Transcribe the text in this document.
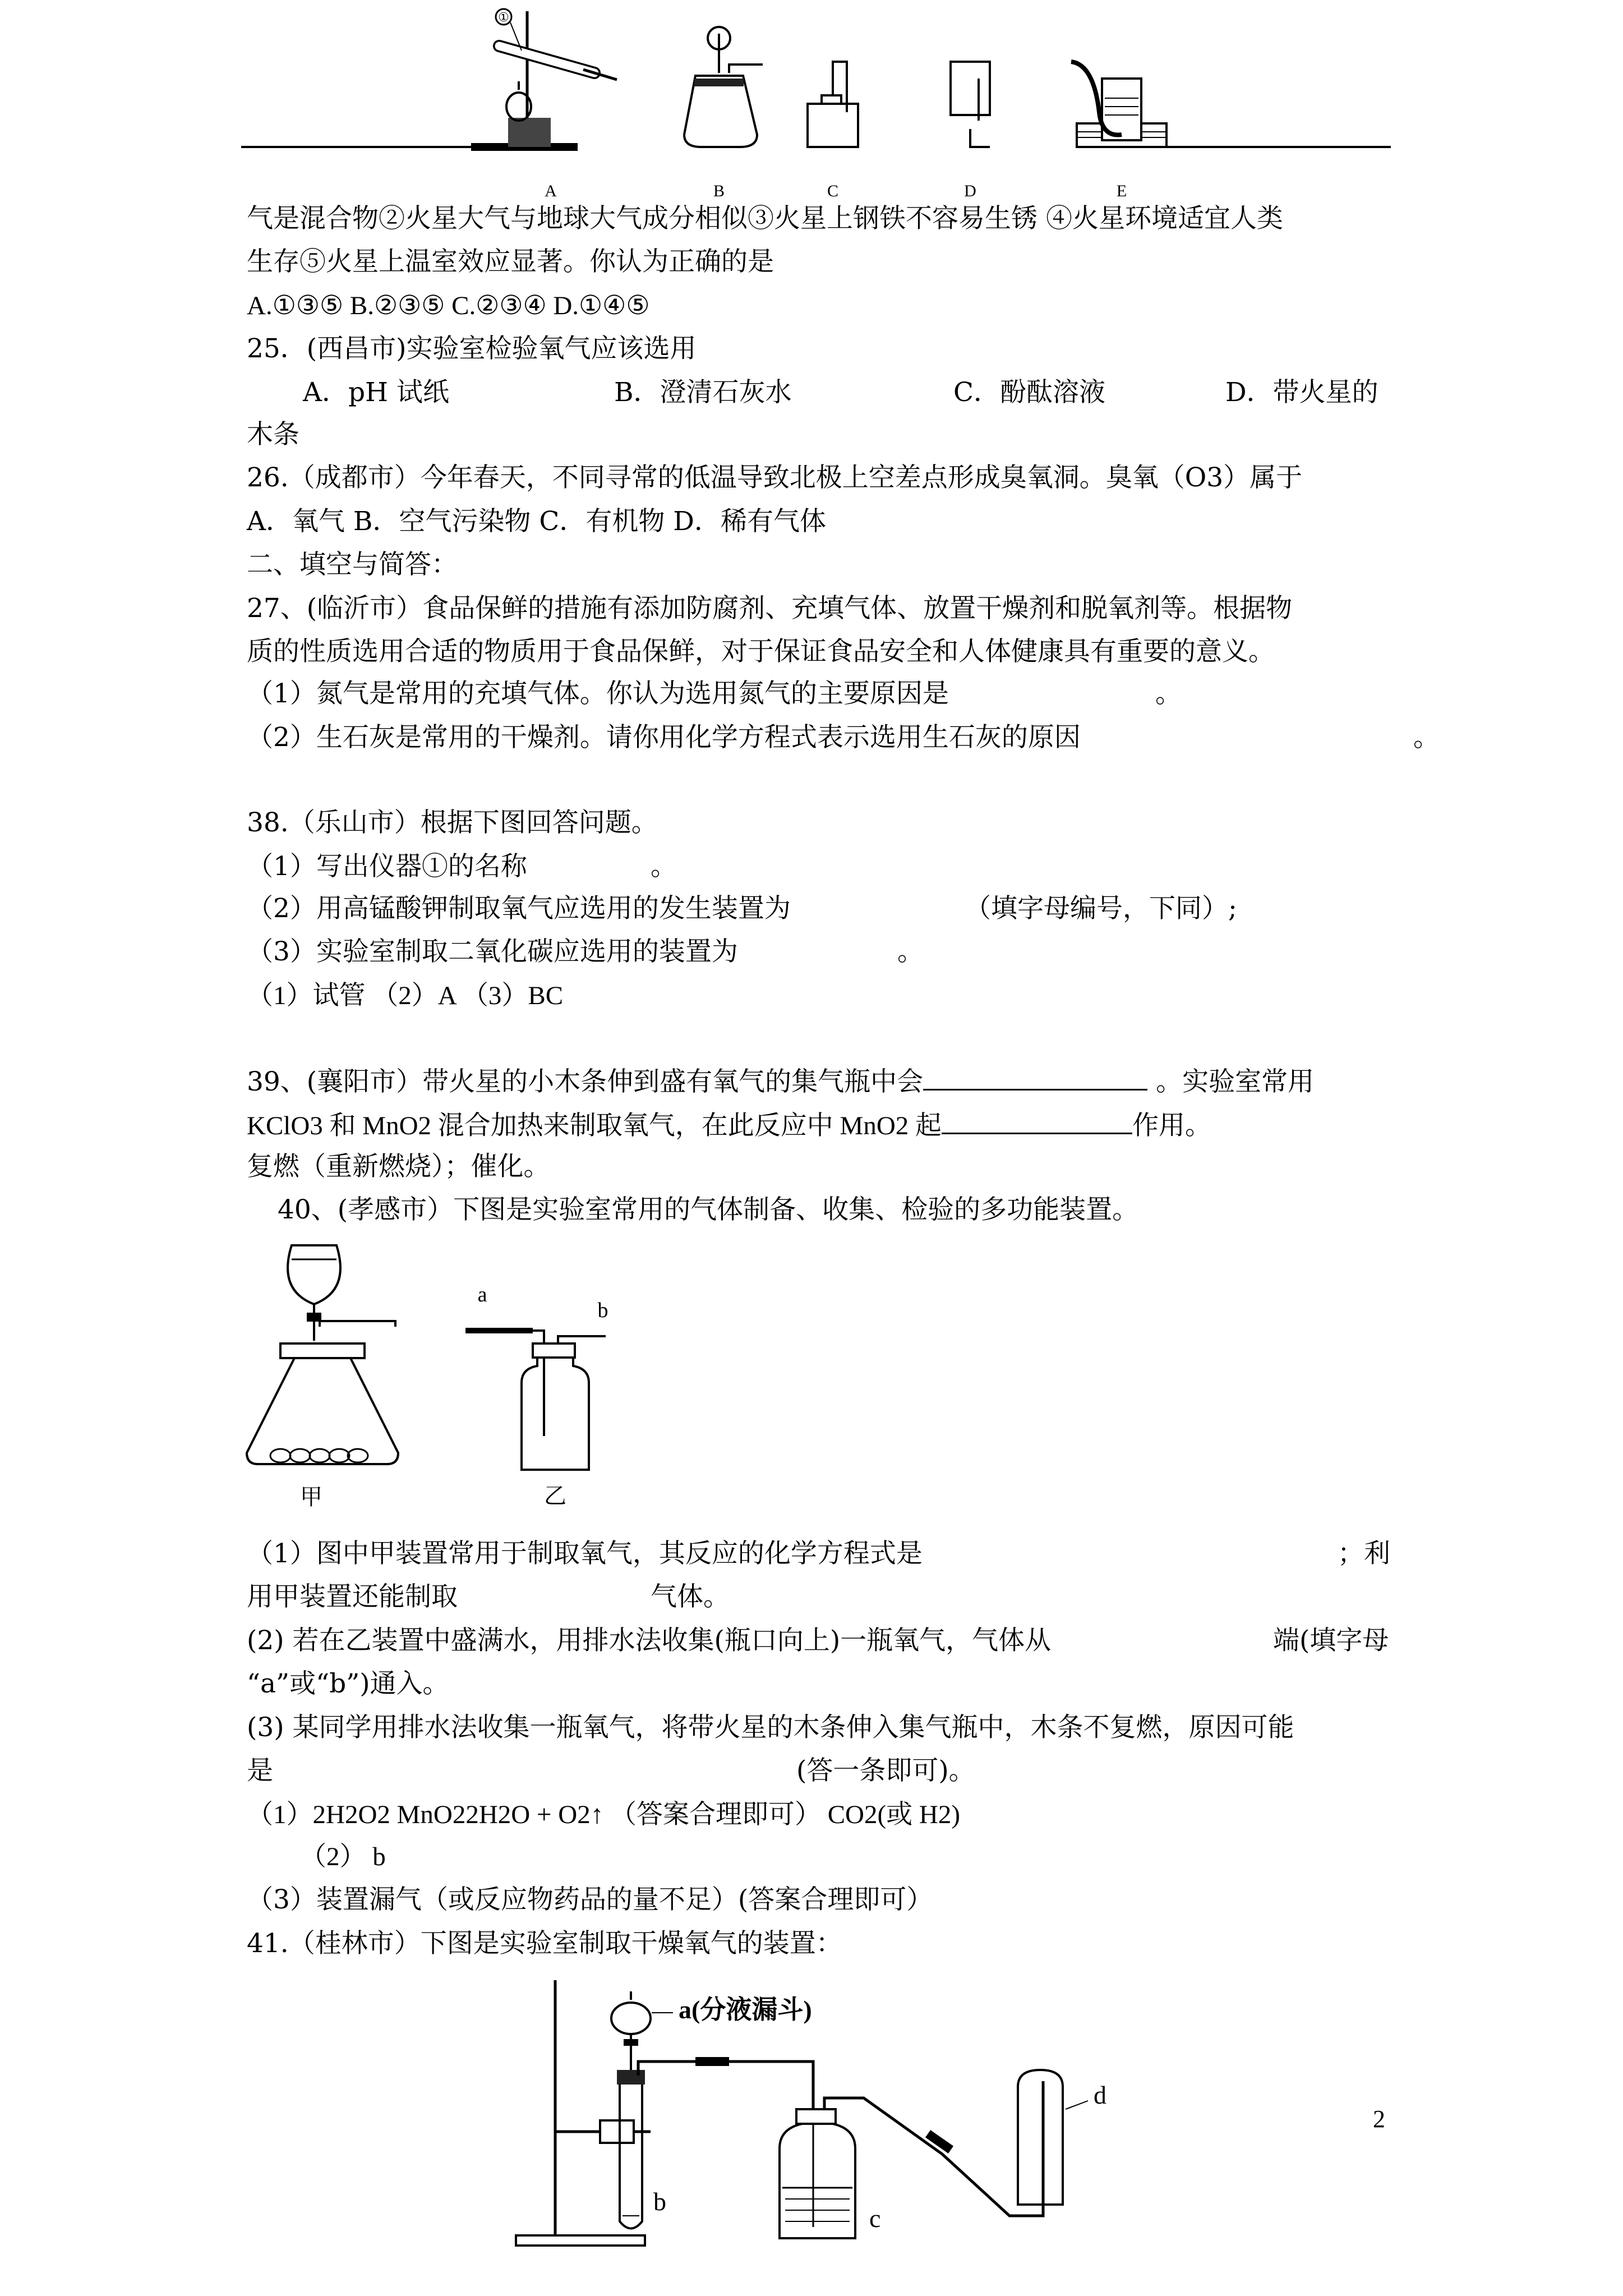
①
A	B	C	D	E
气是混合物②火星大气与地球大气成分相似③火星上钢铁不容易生锈 ④火星环境适宜人类
生存⑤火星上温室效应显著。你认为正确的是
A.①③⑤ B.②③⑤ C.②③④ D.①④⑤
25．(西昌市)实验室检验氧气应该选用
A．pH 试纸	B．澄清石灰水	C．酚酞溶液	D．带火星的
木条
26.（成都市）今年春天，不同寻常的低温导致北极上空差点形成臭氧洞。臭氧（O3）属于
A．氧气 B．空气污染物 C．有机物 D．稀有气体
二、填空与简答：
27、(临沂市）食品保鲜的措施有添加防腐剂、充填气体、放置干燥剂和脱氧剂等。根据物
质的性质选用合适的物质用于食品保鲜，对于保证食品安全和人体健康具有重要的意义。
（1）氮气是常用的充填气体。你认为选用氮气的主要原因是	。
（2）生石灰是常用的干燥剂。请你用化学方程式表示选用生石灰的原因	。
38.（乐山市）根据下图回答问题。
（1）写出仪器①的名称	。
（2）用高锰酸钾制取氧气应选用的发生装置为	（填字母编号，下同）;
（3）实验室制取二氧化碳应选用的装置为	。
（1）试管 （2）A （3）BC
39、(襄阳市）带火星的小木条伸到盛有氧气的集气瓶中会	。实验室常用
KClO3 和 MnO2 混合加热来制取氧气，在此反应中 MnO2 起	作用。
复燃（重新燃烧）；催化。
40、(孝感市）下图是实验室常用的气体制备、收集、检验的多功能装置。
甲
a
b
乙
（1）图中甲装置常用于制取氧气，其反应的化学方程式是	；利
用甲装置还能制取	气体。
(2) 若在乙装置中盛满水，用排水法收集(瓶口向上)一瓶氧气，气体从	端(填字母
“a”或“b”)通入。
(3) 某同学用排水法收集一瓶氧气，将带火星的木条伸入集气瓶中，木条不复燃，原因可能
是	(答一条即可)。
（1）2H2O2 MnO22H2O + O2↑ （答案合理即可） CO2(或 H2)
（2） b
（3）装置漏气（或反应物药品的量不足）(答案合理即可）
41.（桂林市）下图是实验室制取干燥氧气的装置：
a(分液漏斗)
b
c
d
2
